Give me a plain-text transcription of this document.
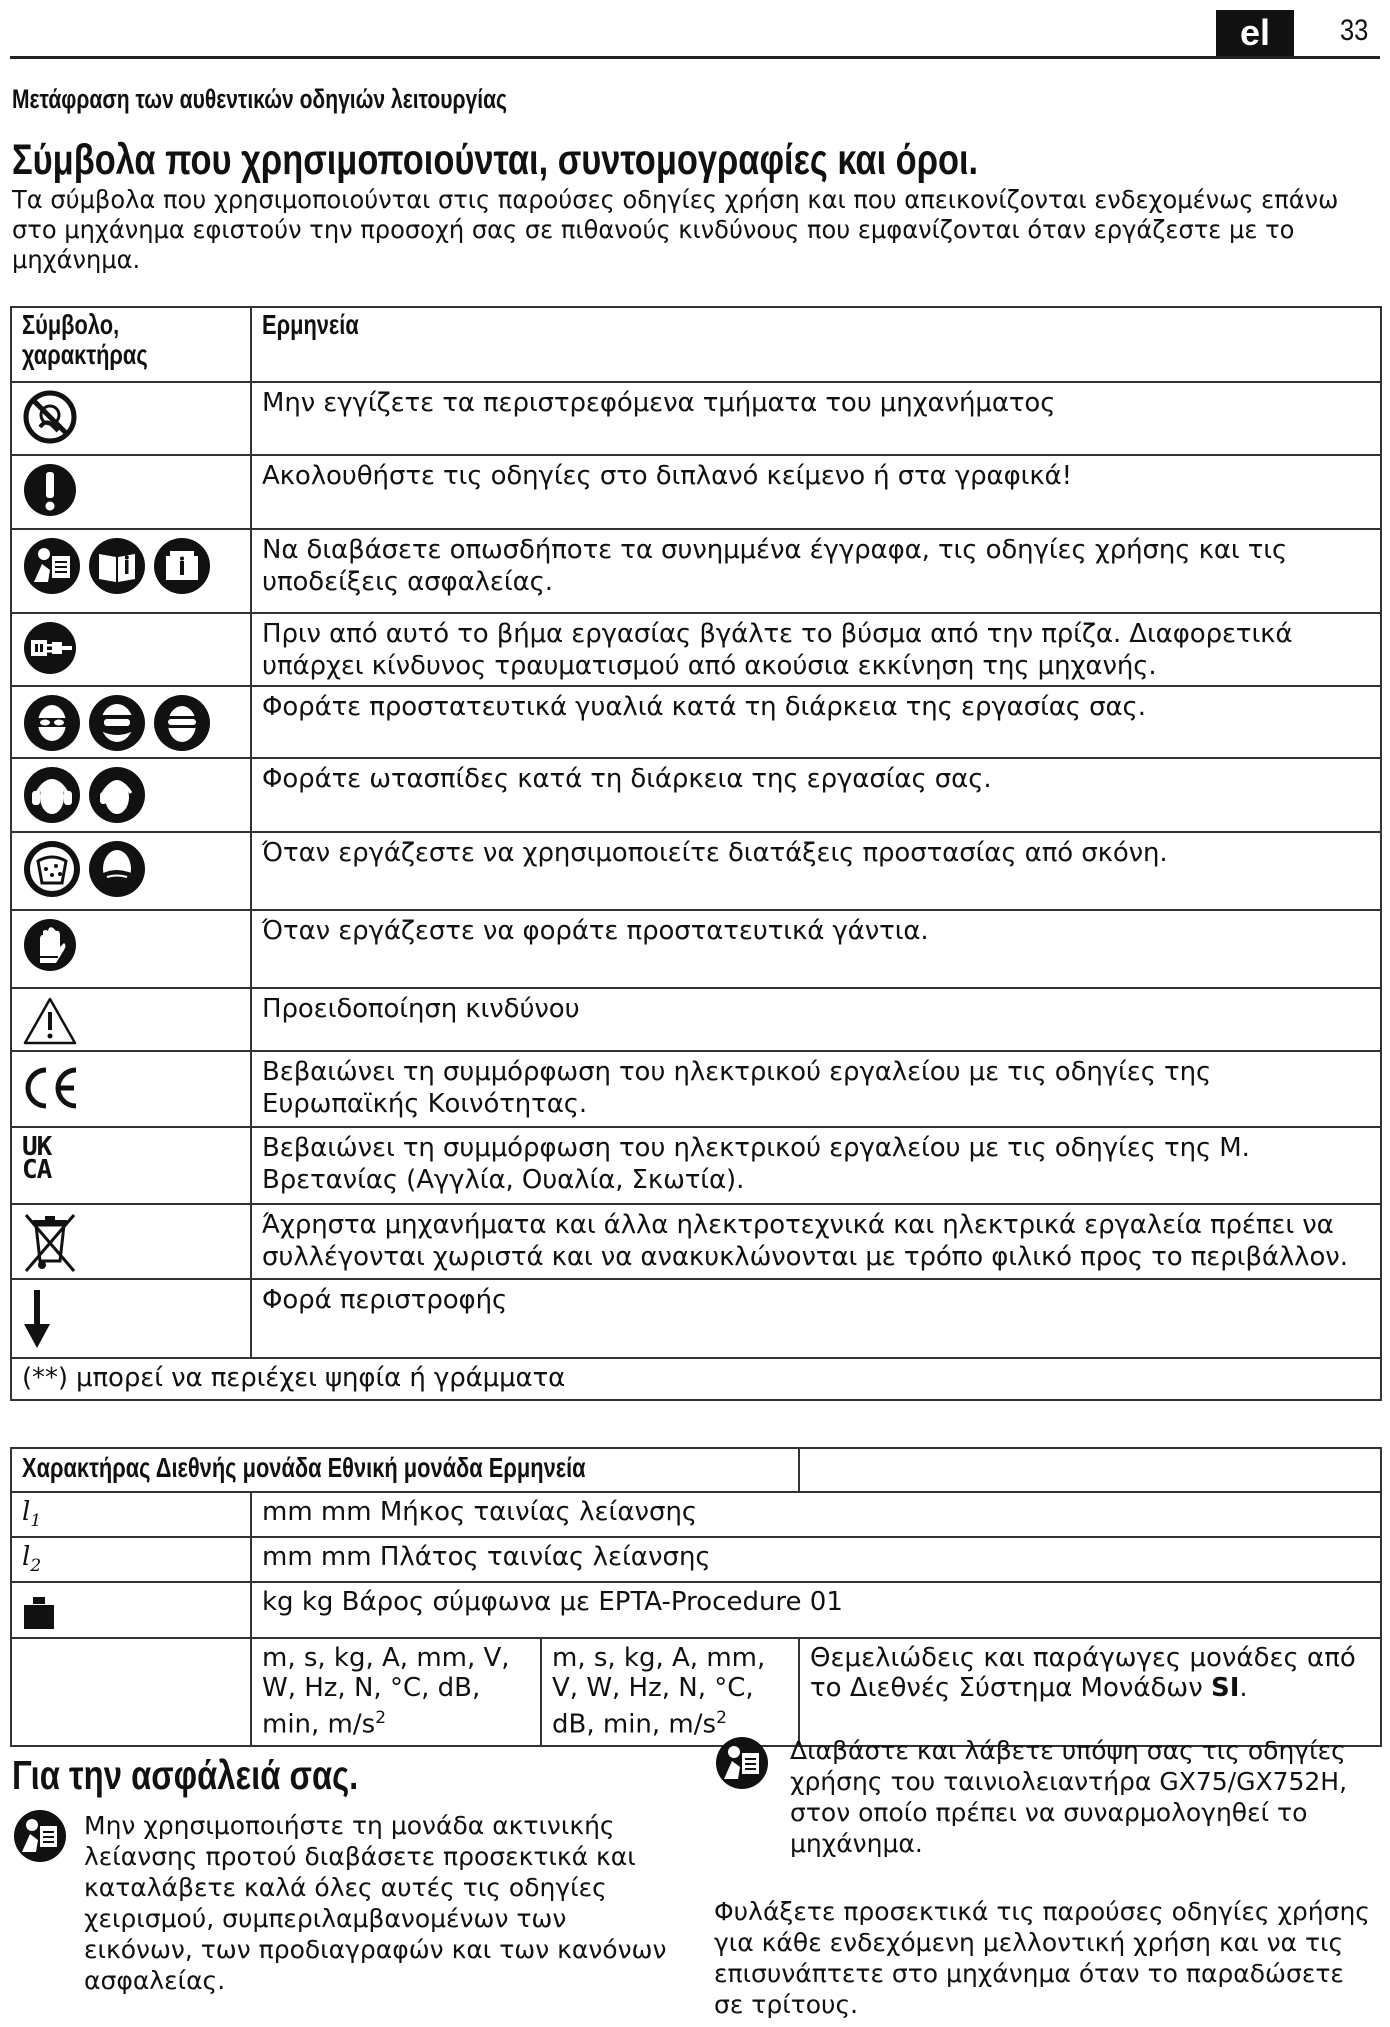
el	33
Μετάφραση των αυθεντικών οδηγιών λειτουργίας
Σύμβολα που χρησιμοποιούνται, συντομογραφίες και όροι.
Τα σύμβολα που χρησιμοποιούνται στις παρούσες οδηγίες χρήση και που απεικονίζονται ενδεχομένως επάνω στο μηχάνημα εφιστούν την προσοχή σας σε πιθανούς κινδύνους που εμφανίζονται όταν εργάζεστε με το μηχάνημα.
Σύμβολο,
χαρακτήρας	Ερμηνεία
	Μην εγγίζετε τα περιστρεφόμενα τμήματα του μηχανήματος
	Ακολουθήστε τις οδηγίες στο διπλανό κείμενο ή στα γραφικά!
	Να διαβάσετε οπωσδήποτε τα συνημμένα έγγραφα, τις οδηγίες χρήσης και τις υποδείξεις ασφαλείας.
	Πριν από αυτό το βήμα εργασίας βγάλτε το βύσμα από την πρίζα. Διαφορετικά υπάρχει κίνδυνος τραυματισμού από ακούσια εκκίνηση της μηχανής.
	Φοράτε προστατευτικά γυαλιά κατά τη διάρκεια της εργασίας σας.
	Φοράτε ωτασπίδες κατά τη διάρκεια της εργασίας σας.
	Όταν εργάζεστε να χρησιμοποιείτε διατάξεις προστασίας από σκόνη.
	Όταν εργάζεστε να φοράτε προστατευτικά γάντια.
	Προειδοποίηση κινδύνου

	Βεβαιώνει τη συμμόρφωση του ηλεκτρικού εργαλείου με τις οδηγίες της Ευρωπαϊκής Κοινότητας.

UK
CA	Βεβαιώνει τη συμμόρφωση του ηλεκτρικού εργαλείου με τις οδηγίες της Μ. Βρετανίας (Αγγλία, Ουαλία, Σκωτία).
	Άχρηστα μηχανήματα και άλλα ηλεκτροτεχνικά και ηλεκτρικά εργαλεία πρέπει να συλλέγονται χωριστά και να ανακυκλώνονται με τρόπο φιλικό προς το περιβάλλον.
	Φορά περιστροφής
(**) μπορεί να περιέχει ψηφία ή γράμματα	
Χαρακτήρας Διεθνής μονάδα Εθνική μονάδα Ερμηνεία			
$l_1$	mm mm Μήκος ταινίας λείανσης		
$l_2$	mm mm Πλάτος ταινίας λείανσης		
	kg kg Βάρος σύμφωνα με EPTA-Procedure 01		
	m, s, kg, A, mm, V, W, Hz, N, °C, dB, min, $m/s^2$	m, s, kg, A, mm, V, W, Hz, N, °C, dB, min, $m/s^2$	Θεμελιώδεις και παράγωγες μονάδες από το Διεθνές Σύστημα Μονάδων SI.
Για την ασφάλειά σας.
Μην χρησιμοποιήστε τη μονάδα ακτινικής λείανσης προτού διαβάσετε προσεκτικά και καταλάβετε καλά όλες αυτές τις οδηγίες χειρισμού, συμπεριλαμβανομένων των εικόνων, των προδιαγραφών και των κανόνων ασφαλείας.
Διαβάστε και λάβετε υπόψη σας τις οδηγίες χρήσης του ταινιολειαντήρα GX75/GX752H, στον οποίο πρέπει να συναρμολογηθεί το μηχάνημα.
Φυλάξετε προσεκτικά τις παρούσες οδηγίες χρήσης για κάθε ενδεχόμενη μελλοντική χρήση και να τις επισυνάπτετε στο μηχάνημα όταν το παραδώσετε σε τρίτους.
